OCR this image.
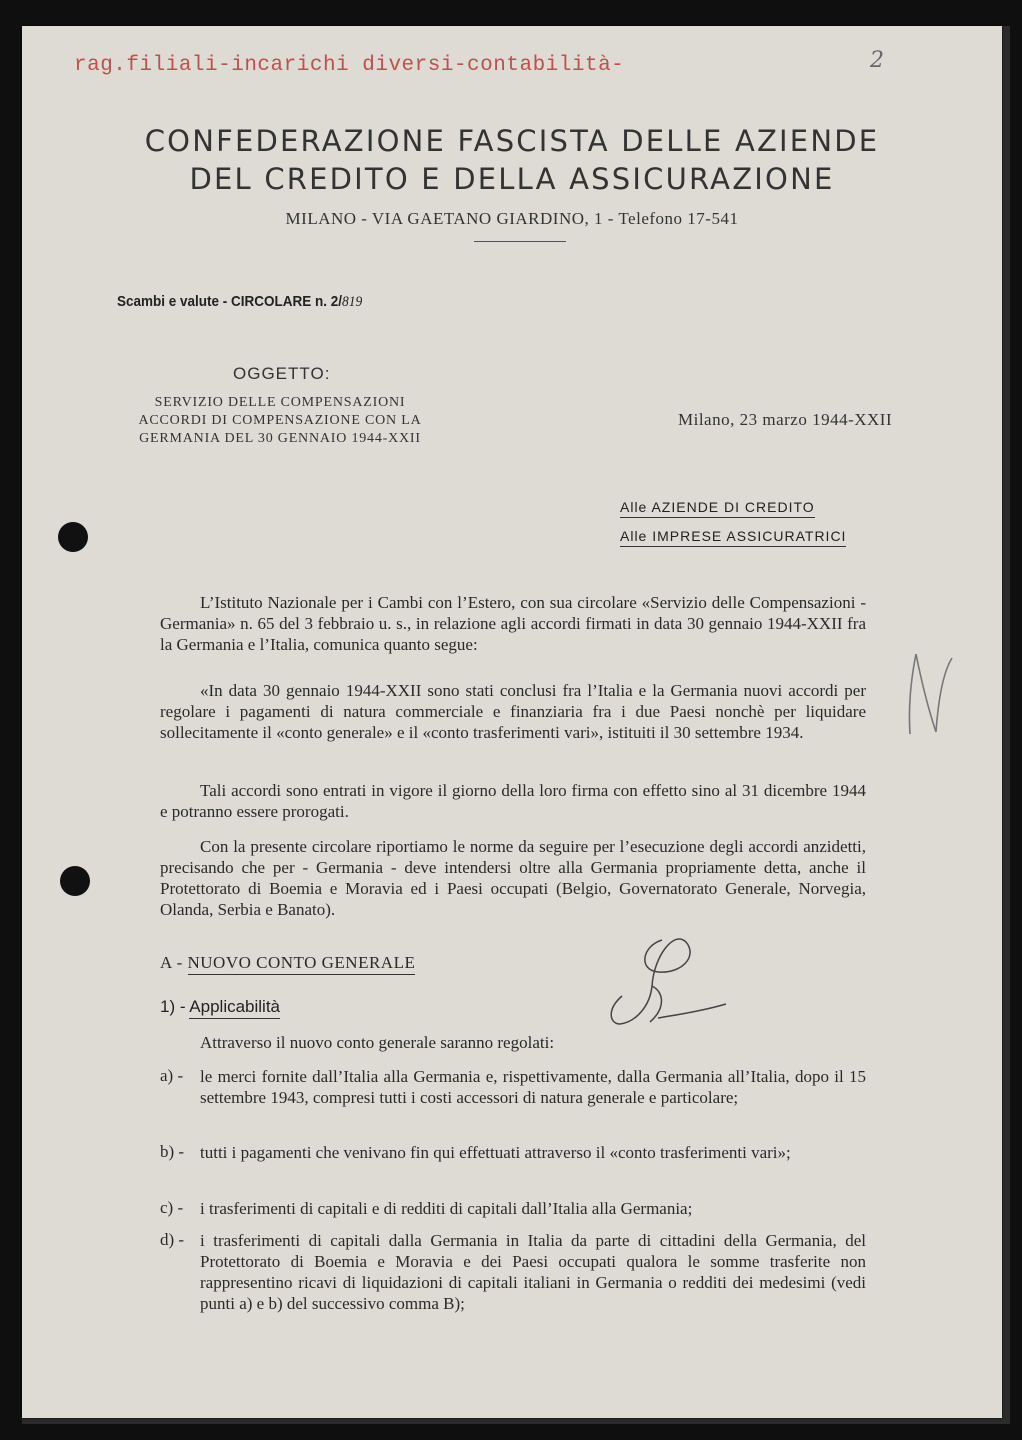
rag.filiali-incarichi diversi-contabilità-	2
CONFEDERAZIONE FASCISTA DELLE AZIENDE
DEL CREDITO E DELLA ASSICURAZIONE
MILANO - VIA GAETANO GIARDINO, 1 - Telefono 17-541
Scambi e valute - CIRCOLARE n. 2/819
OGGETTO:
SERVIZIO DELLE COMPENSAZIONI
ACCORDI DI COMPENSAZIONE CON LA
GERMANIA DEL 30 GENNAIO 1944-XXII
Milano, 23 marzo 1944-XXII
Alle AZIENDE DI CREDITO
Alle IMPRESE ASSICURATRICI
L’Istituto Nazionale per i Cambi con l’Estero, con sua circolare «Servizio delle Compensazioni - Germania» n. 65 del 3 febbraio u. s., in relazione agli accordi firmati in data 30 gennaio 1944-XXII fra la Germania e l’Italia, comunica quanto segue:
«In data 30 gennaio 1944-XXII sono stati conclusi fra l’Italia e la Germania nuovi accordi per regolare i pagamenti di natura commerciale e finanziaria fra i due Paesi nonchè per liquidare sollecitamente il «conto generale» e il «conto trasferimenti vari», istituiti il 30 settembre 1934.
Tali accordi sono entrati in vigore il giorno della loro firma con effetto sino al 31 dicembre 1944 e potranno essere prorogati.
Con la presente circolare riportiamo le norme da seguire per l’esecuzione degli accordi anzidetti, precisando che per - Germania - deve intendersi oltre alla Germania propriamente detta, anche il Protettorato di Boemia e Moravia ed i Paesi occupati (Belgio, Governatorato Generale, Norvegia, Olanda, Serbia e Banato).
A - NUOVO CONTO GENERALE
1) - Applicabilità
Attraverso il nuovo conto generale saranno regolati:
a) - le merci fornite dall’Italia alla Germania e, rispettivamente, dalla Germania all’Italia, dopo il 15 settembre 1943, compresi tutti i costi accessori di natura generale e particolare;
b) - tutti i pagamenti che venivano fin qui effettuati attraverso il «conto trasferimenti vari»;
c) - i trasferimenti di capitali e di redditi di capitali dall’Italia alla Germania;
d) - i trasferimenti di capitali dalla Germania in Italia da parte di cittadini della Germania, del Protettorato di Boemia e Moravia e dei Paesi occupati qualora le somme trasferite non rappresentino ricavi di liquidazioni di capitali italiani in Germania o redditi dei medesimi (vedi punti a) e b) del successivo comma B);
